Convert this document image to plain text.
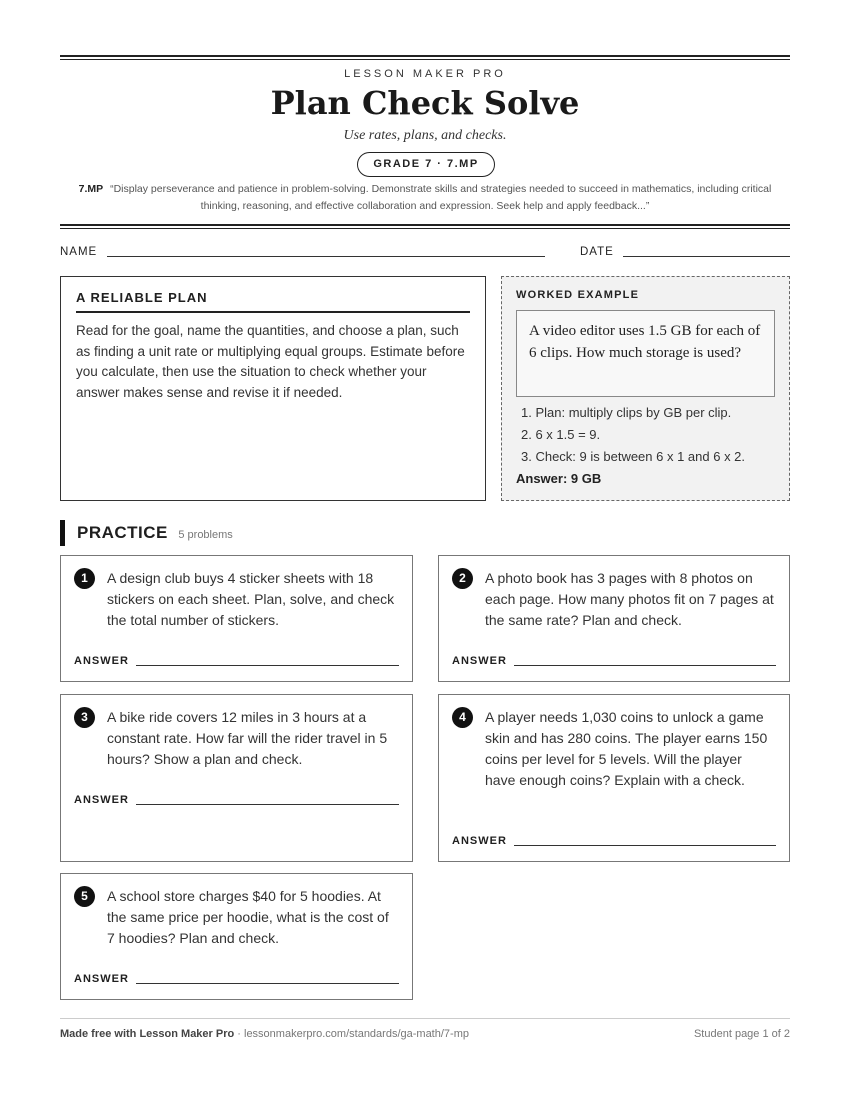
LESSON MAKER PRO
Plan Check Solve
Use rates, plans, and checks.
GRADE 7 · 7.MP
7.MP “Display perseverance and patience in problem-solving. Demonstrate skills and strategies needed to succeed in mathematics, including critical thinking, reasoning, and effective collaboration and expression. Seek help and apply feedback...”
NAME	DATE
A RELIABLE PLAN
Read for the goal, name the quantities, and choose a plan, such as finding a unit rate or multiplying equal groups. Estimate before you calculate, then use the situation to check whether your answer makes sense and revise it if needed.
WORKED EXAMPLE
A video editor uses 1.5 GB for each of 6 clips. How much storage is used?
1. Plan: multiply clips by GB per clip.
2. 6 x 1.5 = 9.
3. Check: 9 is between 6 x 1 and 6 x 2.
Answer: 9 GB
PRACTICE 5 problems
1	A design club buys 4 sticker sheets with 18 stickers on each sheet. Plan, solve, and check the total number of stickers.
ANSWER
2	A photo book has 3 pages with 8 photos on each page. How many photos fit on 7 pages at the same rate? Plan and check.
ANSWER
3	A bike ride covers 12 miles in 3 hours at a constant rate. How far will the rider travel in 5 hours? Show a plan and check.
ANSWER
4	A player needs 1,030 coins to unlock a game skin and has 280 coins. The player earns 150 coins per level for 5 levels. Will the player have enough coins? Explain with a check.
ANSWER
5	A school store charges $40 for 5 hoodies. At the same price per hoodie, what is the cost of 7 hoodies? Plan and check.
ANSWER
Made free with Lesson Maker Pro · lessonmakerpro.com/standards/ga-math/7-mp	Student page 1 of 2
